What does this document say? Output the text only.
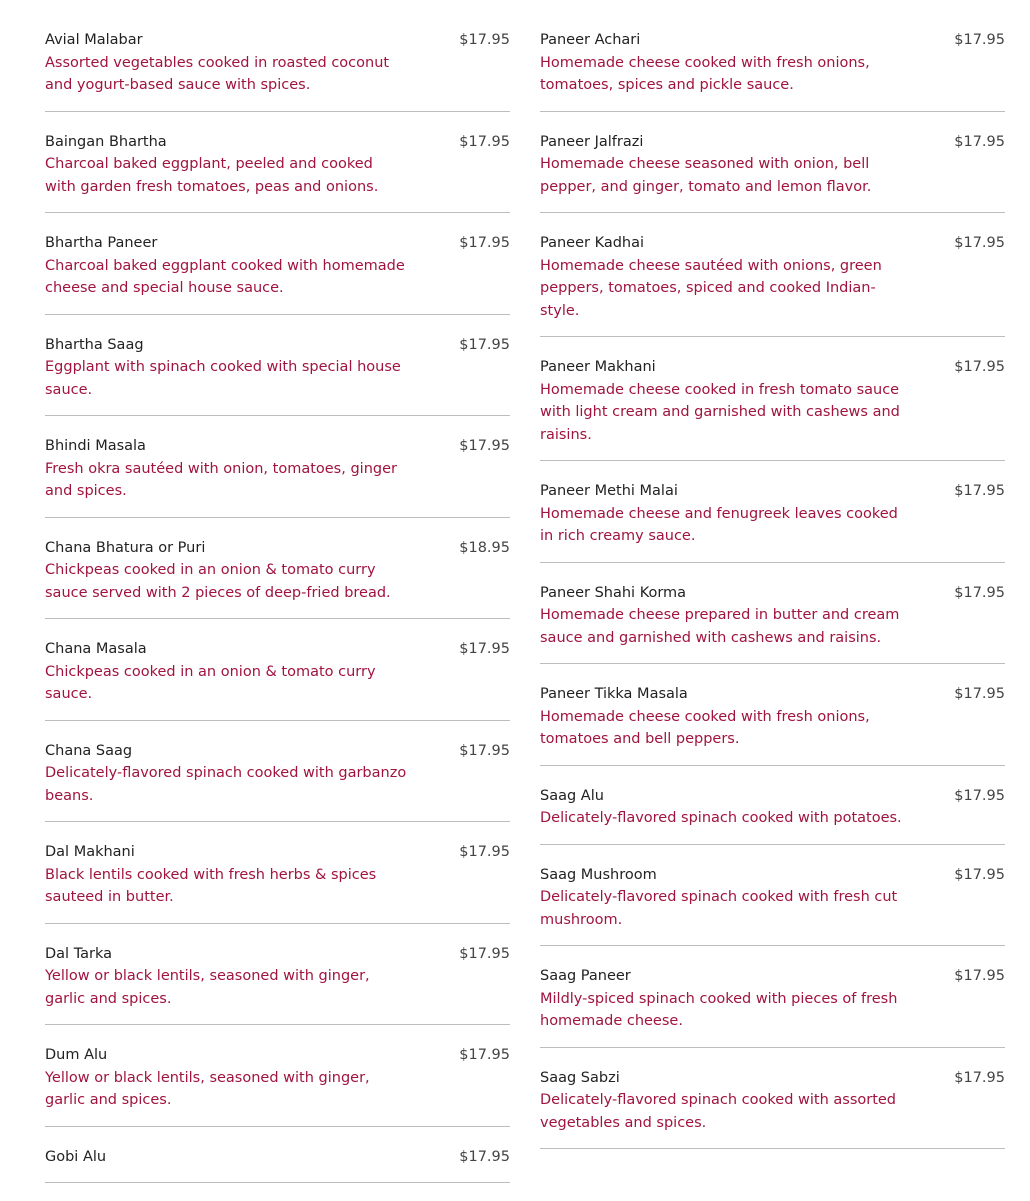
Avial Malabar
Assorted vegetables cooked in roasted coconut and yogurt-based sauce with spices.
$17.95
Baingan Bhartha
Charcoal baked eggplant, peeled and cooked with garden fresh tomatoes, peas and onions.
$17.95
Bhartha Paneer
Charcoal baked eggplant cooked with homemade cheese and special house sauce.
$17.95
Bhartha Saag
Eggplant with spinach cooked with special house sauce.
$17.95
Bhindi Masala
Fresh okra sautéed with onion, tomatoes, ginger and spices.
$17.95
Chana Bhatura or Puri
Chickpeas cooked in an onion & tomato curry sauce served with 2 pieces of deep-fried bread.
$18.95
Chana Masala
Chickpeas cooked in an onion & tomato curry sauce.
$17.95
Chana Saag
Delicately-flavored spinach cooked with garbanzo beans.
$17.95
Dal Makhani
Black lentils cooked with fresh herbs & spices sauteed in butter.
$17.95
Dal Tarka
Yellow or black lentils, seasoned with ginger, garlic and spices.
$17.95
Dum Alu
Yellow or black lentils, seasoned with ginger, garlic and spices.
$17.95
Gobi Alu	$17.95
Paneer Achari
Homemade cheese cooked with fresh onions, tomatoes, spices and pickle sauce.
$17.95
Paneer Jalfrazi
Homemade cheese seasoned with onion, bell pepper, and ginger, tomato and lemon flavor.
$17.95
Paneer Kadhai
Homemade cheese sautéed with onions, green peppers, tomatoes, spiced and cooked Indian-style.
$17.95
Paneer Makhani
Homemade cheese cooked in fresh tomato sauce with light cream and garnished with cashews and raisins.
$17.95
Paneer Methi Malai
Homemade cheese and fenugreek leaves cooked in rich creamy sauce.
$17.95
Paneer Shahi Korma
Homemade cheese prepared in butter and cream sauce and garnished with cashews and raisins.
$17.95
Paneer Tikka Masala
Homemade cheese cooked with fresh onions, tomatoes and bell peppers.
$17.95
Saag Alu
Delicately-flavored spinach cooked with potatoes.
$17.95
Saag Mushroom
Delicately-flavored spinach cooked with fresh cut mushroom.
$17.95
Saag Paneer
Mildly-spiced spinach cooked with pieces of fresh homemade cheese.
$17.95
Saag Sabzi
Delicately-flavored spinach cooked with assorted vegetables and spices.
$17.95
